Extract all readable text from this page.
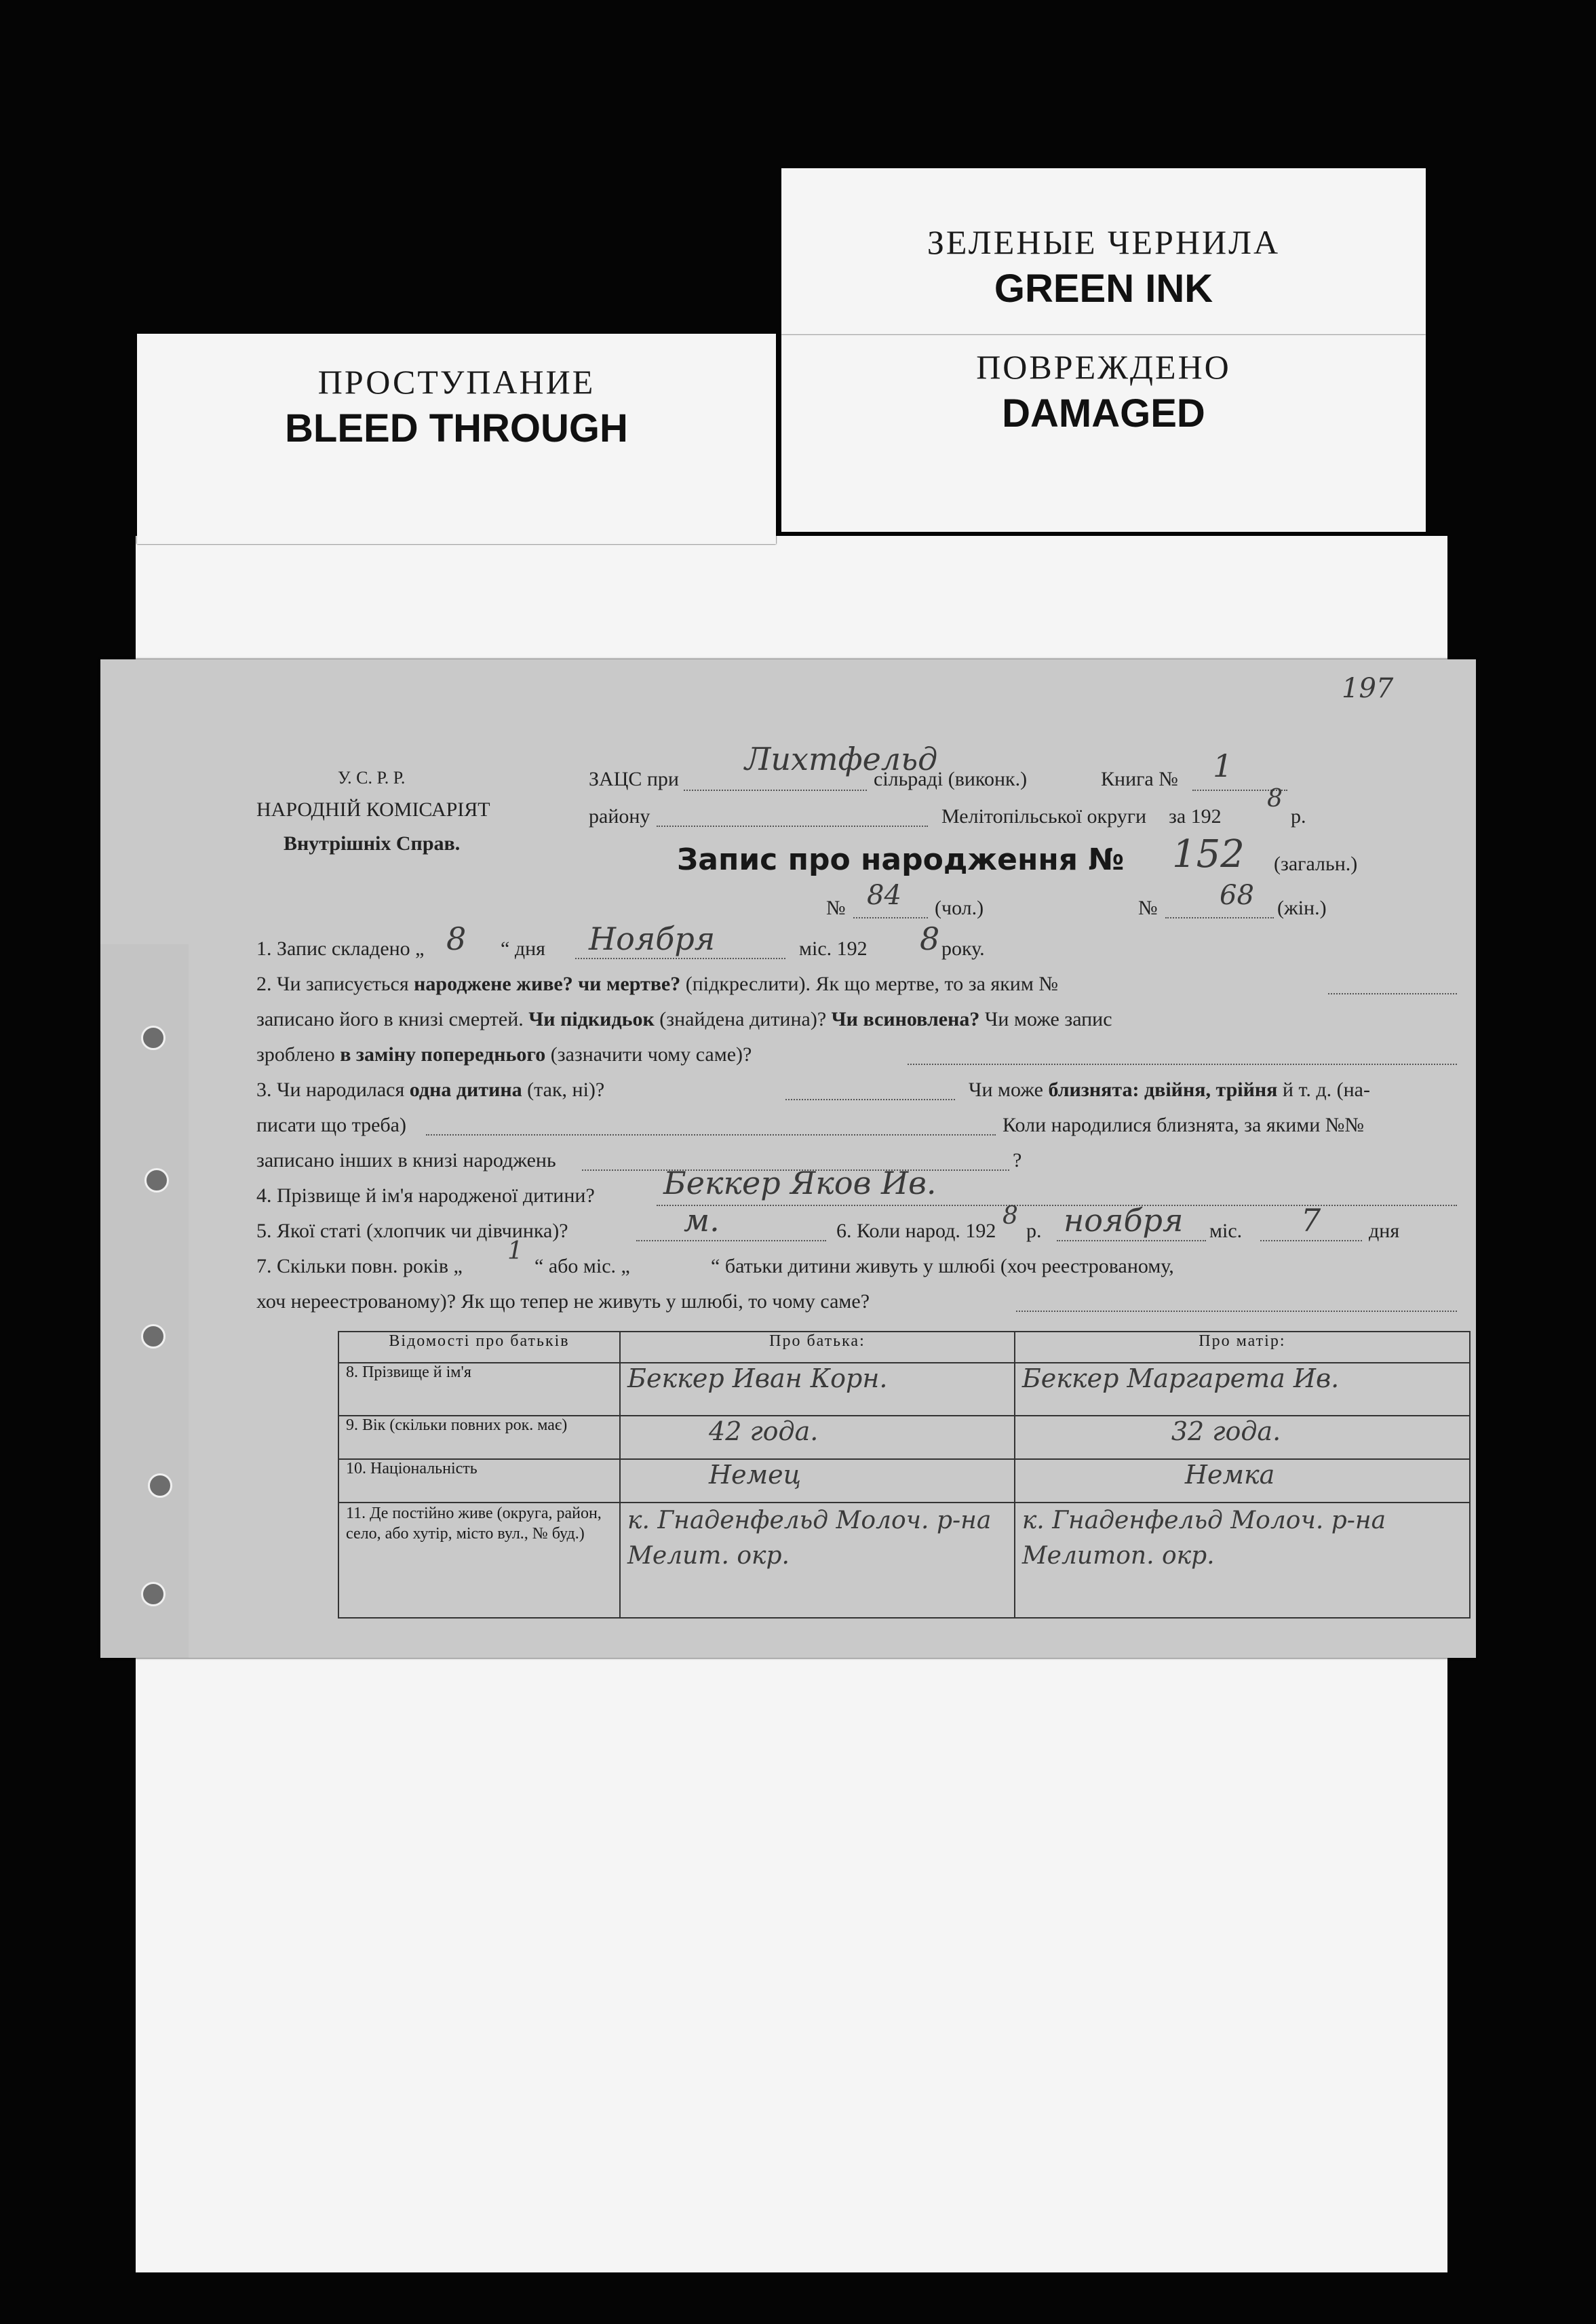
ЗЕЛЕНЫЕ ЧЕРНИЛА
GREEN INK
ПРОСТУПАНИЕ
BLEED THROUGH
ПОВРЕЖДЕНО
DAMAGED
197
У. С. Р. Р.
НАРОДНІЙ КОМІСАРІЯТ
Внутрішніх Справ.
ЗАЦС при
Лихтфельд
сільраді (виконк.)	Книга № 1
району	Мелітопільської округи за 192
8
р.
Запис про народження № 152 (загальн.)
№ 84 (чол.)	№ 68 (жін.)
1. Запис складено „ 8 “ дня Ноября	міс. 192 8 року.
2. Чи записується народжене живе? чи мертве? (підкреслити). Як що мертве, то за яким №
записано його в книзі смертей. Чи підкидьок (знайдена дитина)? Чи всиновлена? Чи може запис
зроблено в заміну попереднього (зазначити чому саме)?
3. Чи народилася одна дитина (так, ні)?	Чи може близнята: двійня, трійня й т. д. (на-
писати що треба)	Коли народилися близнята, за якими №№
записано інших в книзі народжень	?
4. Прізвище й ім'я народженої дитини? Беккер Яков Ив.
5. Якої статі (хлопчик чи дівчинка)?	м.	6. Коли народ. 192
8
р. ноября міс. 7 дня
7. Скільки повн. років „
1
“ або міс. „	“ батьки дитини живуть у шлюбі (хоч реестрованому,
хоч нереестрованому)? Як що тепер не живуть у шлюбі, то чому саме?
Відомості про батьків	Про батька:	Про матір:
8. Прізвище й ім'я	Беккер Иван Корн.	Беккер Маргарета Ив.
9. Вік (скільки повних рок. має)	42 года.	32 года.
10. Національність	Немец	Немка
11. Де постійно живе (округа, район, село, або хутір, місто вул., № буд.)	к. Гнаденфельд Молоч. р-на Мелит. окр.	к. Гнаденфельд Молоч. р-на Мелитоп. окр.
